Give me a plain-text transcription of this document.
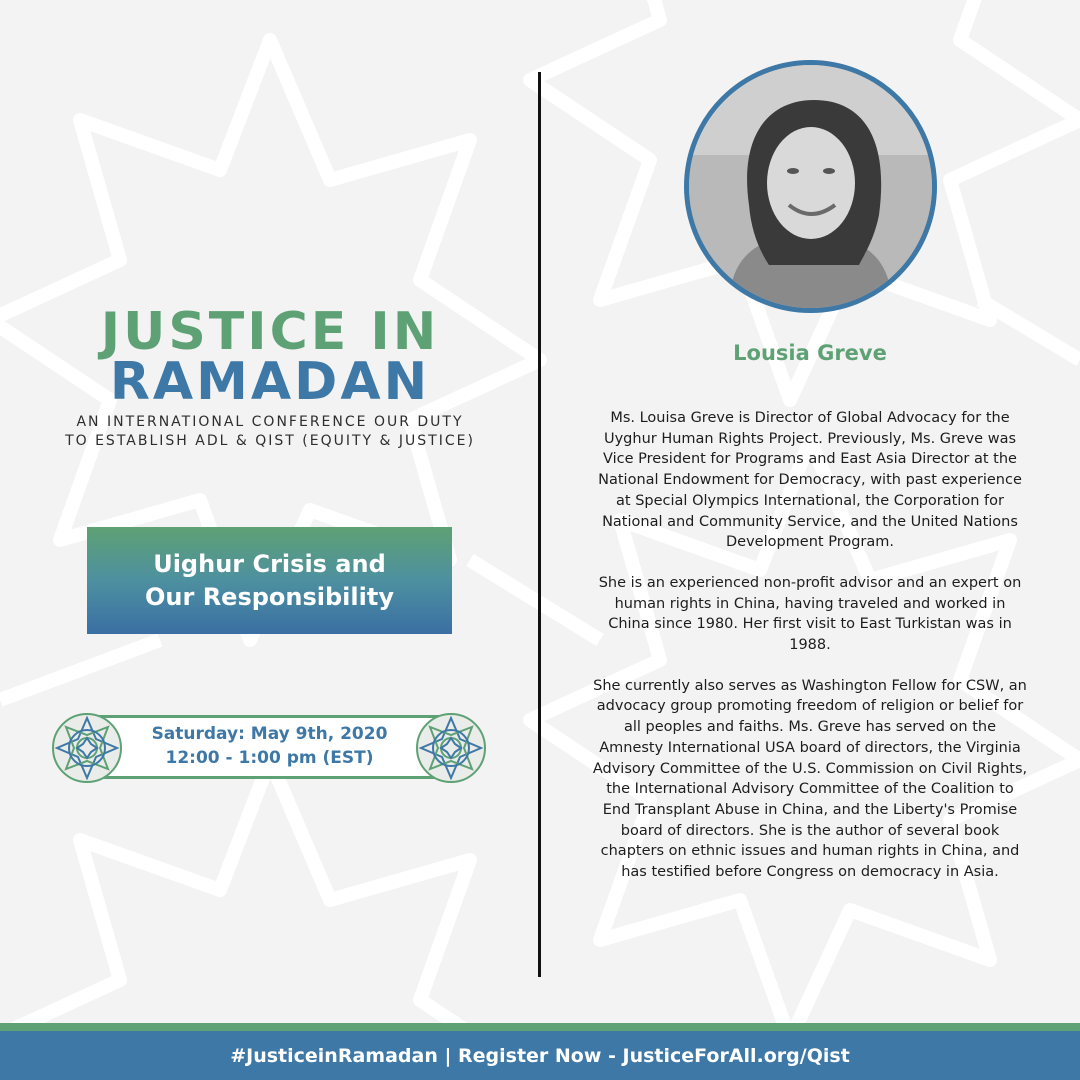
JUSTICE IN
RAMADAN
AN INTERNATIONAL CONFERENCE OUR DUTY
TO ESTABLISH ADL & QIST (EQUITY & JUSTICE)
Uighur Crisis and
Our Responsibility
Saturday: May 9th, 2020
12:00 - 1:00 pm (EST)
Lousia Greve

Ms. Louisa Greve is Director of Global Advocacy for the Uyghur Human Rights Project. Previously, Ms. Greve was Vice President for Programs and East Asia Director at the National Endowment for Democracy, with past experience at Special Olympics International, the Corporation for National and Community Service, and the United Nations Development Program.

She is an experienced non-profit advisor and an expert on human rights in China, having traveled and worked in China since 1980. Her first visit to East Turkistan was in 1988.

She currently also serves as Washington Fellow for CSW, an advocacy group promoting freedom of religion or belief for all peoples and faiths. Ms. Greve has served on the Amnesty International USA board of directors, the Virginia Advisory Committee of the U.S. Commission on Civil Rights, the International Advisory Committee of the Coalition to End Transplant Abuse in China, and the Liberty's Promise board of directors. She is the author of several book chapters on ethnic issues and human rights in China, and has testified before Congress on democracy in Asia.

#JusticeinRamadan | Register Now - JusticeForAll.org/Qist
